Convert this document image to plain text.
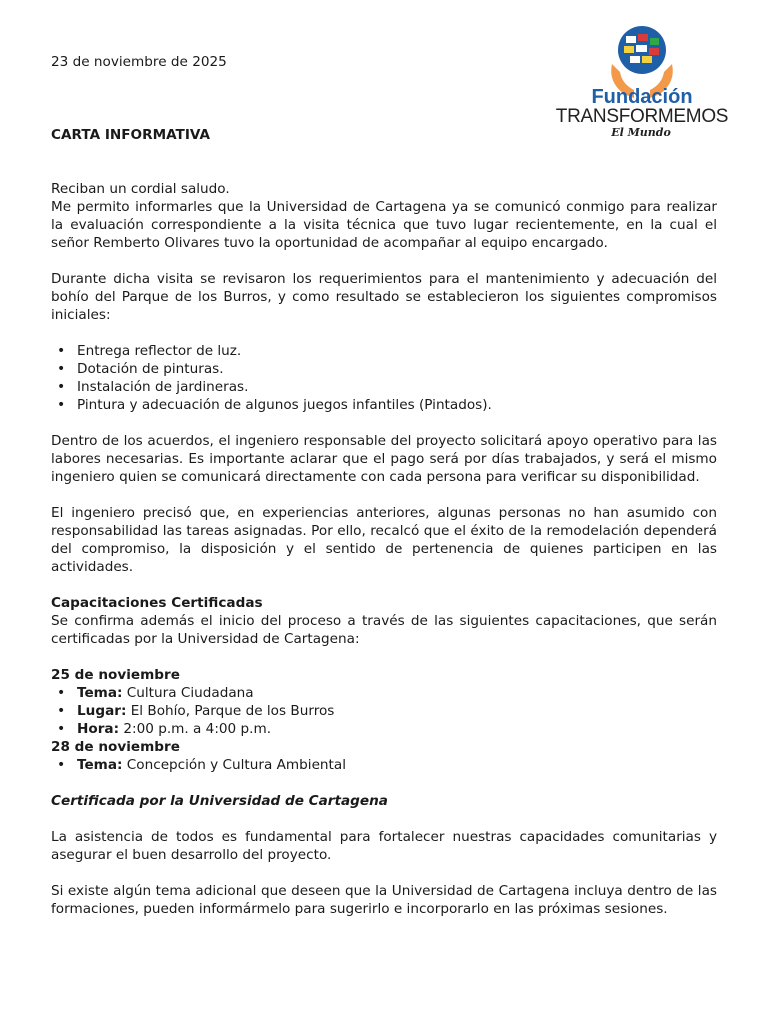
23 de noviembre de 2025
CARTA INFORMATIVA
Fundación
TRANSFORMEMOS
El Mundo

Reciban un cordial saludo.

Me permito informarles que la Universidad de Cartagena ya se comunicó conmigo para realizar la evaluación correspondiente a la visita técnica que tuvo lugar recientemente, en la cual el señor Remberto Olivares tuvo la oportunidad de acompañar al equipo encargado.

Durante dicha visita se revisaron los requerimientos para el mantenimiento y adecuación del bohío del Parque de los Burros, y como resultado se establecieron los siguientes compromisos iniciales:

• Entrega reflector de luz.
• Dotación de pinturas.
• Instalación de jardineras.
• Pintura y adecuación de algunos juegos infantiles (Pintados).

Dentro de los acuerdos, el ingeniero responsable del proyecto solicitará apoyo operativo para las labores necesarias. Es importante aclarar que el pago será por días trabajados, y será el mismo ingeniero quien se comunicará directamente con cada persona para verificar su disponibilidad.

El ingeniero precisó que, en experiencias anteriores, algunas personas no han asumido con responsabilidad las tareas asignadas. Por ello, recalcó que el éxito de la remodelación dependerá del compromiso, la disposición y el sentido de pertenencia de quienes participen en las actividades.

Capacitaciones Certificadas

Se confirma además el inicio del proceso a través de las siguientes capacitaciones, que serán certificadas por la Universidad de Cartagena:

25 de noviembre

• Tema: Cultura Ciudadana
• Lugar: El Bohío, Parque de los Burros
• Hora: 2:00 p.m. a 4:00 p.m.

28 de noviembre

• Tema: Concepción y Cultura Ambiental

Certificada por la Universidad de Cartagena

La asistencia de todos es fundamental para fortalecer nuestras capacidades comunitarias y asegurar el buen desarrollo del proyecto.

Si existe algún tema adicional que deseen que la Universidad de Cartagena incluya dentro de las formaciones, pueden informármelo para sugerirlo e incorporarlo en las próximas sesiones.
